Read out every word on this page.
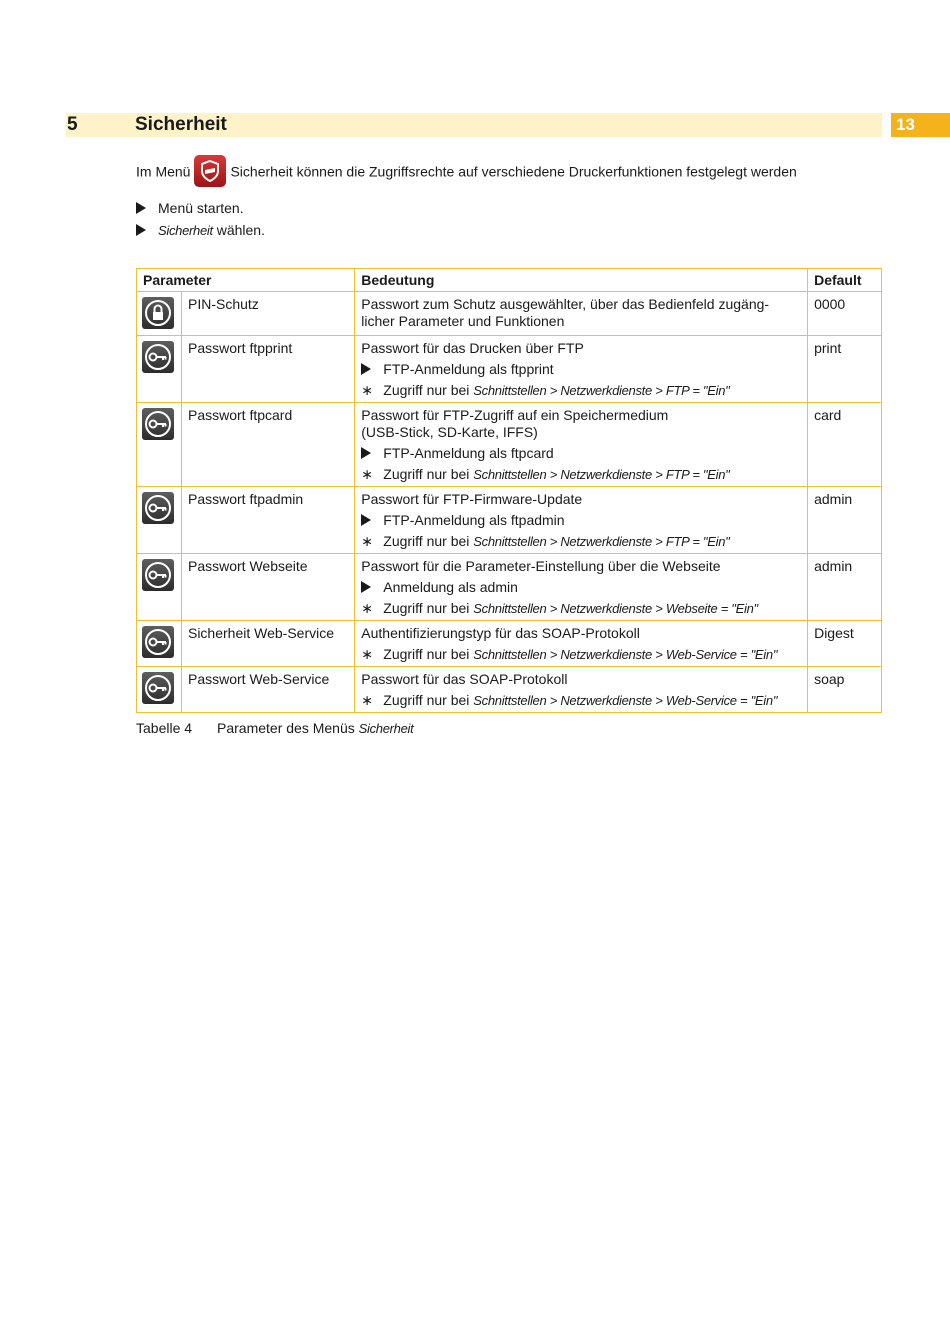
5	Sicherheit	13
Im Menü	Sicherheit können die Zugriffsrechte auf verschiedene Druckerfunktionen festgelegt werden
Menü starten.
Sicherheit wählen.
Parameter		Bedeutung	Default

	PIN-Schutz	Passwort zum Schutz ausgewählter, über das Bedienfeld zugäng-
licher Parameter und Funktionen	0000

	Passwort ftpprint	Passwort für das Drucken über FTP
FTP-Anmeldung als ftpprint
∗ Zugriff nur bei Schnittstellen > Netzwerkdienste > FTP = "Ein"	print

	Passwort ftpcard	Passwort für FTP-Zugriff auf ein Speichermedium
(USB-Stick, SD-Karte, IFFS)
FTP-Anmeldung als ftpcard
∗ Zugriff nur bei Schnittstellen > Netzwerkdienste > FTP = "Ein"	card

	Passwort ftpadmin	Passwort für FTP-Firmware-Update
FTP-Anmeldung als ftpadmin
∗ Zugriff nur bei Schnittstellen > Netzwerkdienste > FTP = "Ein"	admin

	Passwort Webseite	Passwort für die Parameter-Einstellung über die Webseite
Anmeldung als admin
∗ Zugriff nur bei Schnittstellen > Netzwerkdienste > Webseite = "Ein"	admin

	Sicherheit Web-Service	Authentifizierungstyp für das SOAP-Protokoll
∗ Zugriff nur bei Schnittstellen > Netzwerkdienste > Web-Service = "Ein"	Digest

	Passwort Web-Service	Passwort für das SOAP-Protokoll
∗ Zugriff nur bei Schnittstellen > Netzwerkdienste > Web-Service = "Ein"	soap
Tabelle 4 Parameter des Menüs Sicherheit
